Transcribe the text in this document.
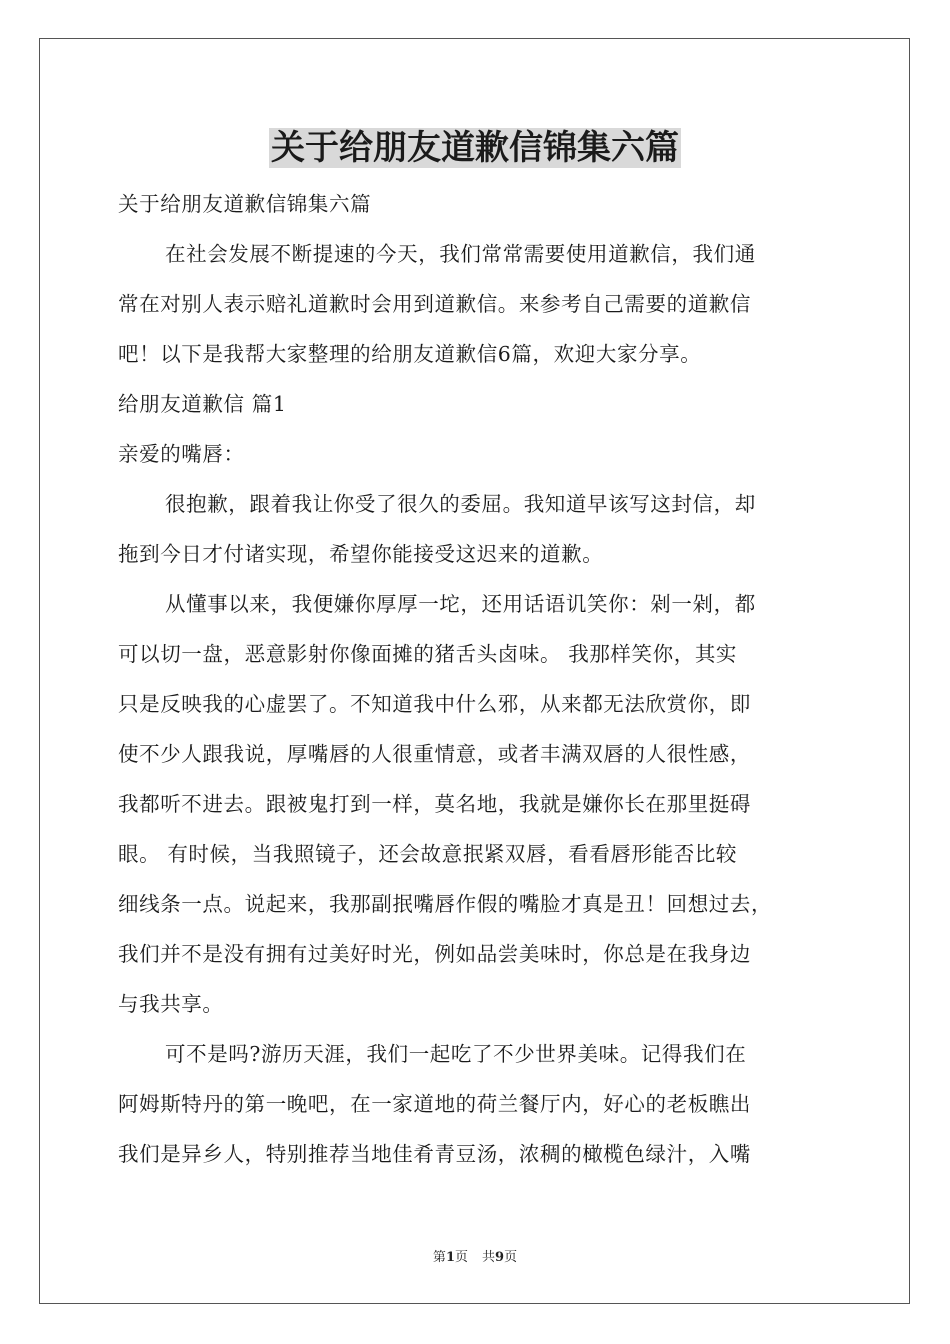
关于给朋友道歉信锦集六篇

关于给朋友道歉信锦集六篇

在社会发展不断提速的今天，我们常常需要使用道歉信，我们通

常在对别人表示赔礼道歉时会用到道歉信。来参考自己需要的道歉信

吧！以下是我帮大家整理的给朋友道歉信6篇，欢迎大家分享。

给朋友道歉信 篇1

亲爱的嘴唇：

很抱歉，跟着我让你受了很久的委屈。我知道早该写这封信，却

拖到今日才付诸实现，希望你能接受这迟来的道歉。

从懂事以来，我便嫌你厚厚一坨，还用话语讥笑你：剁一剁，都

可以切一盘，恶意影射你像面摊的猪舌头卤味。 我那样笑你，其实

只是反映我的心虚罢了。不知道我中什么邪，从来都无法欣赏你，即

使不少人跟我说，厚嘴唇的人很重情意，或者丰满双唇的人很性感，

我都听不进去。跟被鬼打到一样，莫名地，我就是嫌你长在那里挺碍

眼。 有时候，当我照镜子，还会故意抿紧双唇，看看唇形能否比较

细线条一点。说起来，我那副抿嘴唇作假的嘴脸才真是丑！回想过去，

我们并不是没有拥有过美好时光，例如品尝美味时，你总是在我身边

与我共享。

可不是吗?游历天涯，我们一起吃了不少世界美味。记得我们在

阿姆斯特丹的第一晚吧，在一家道地的荷兰餐厅内，好心的老板瞧出

我们是异乡人，特别推荐当地佳肴青豆汤，浓稠的橄榄色绿汁，入嘴

第1页 共9页
